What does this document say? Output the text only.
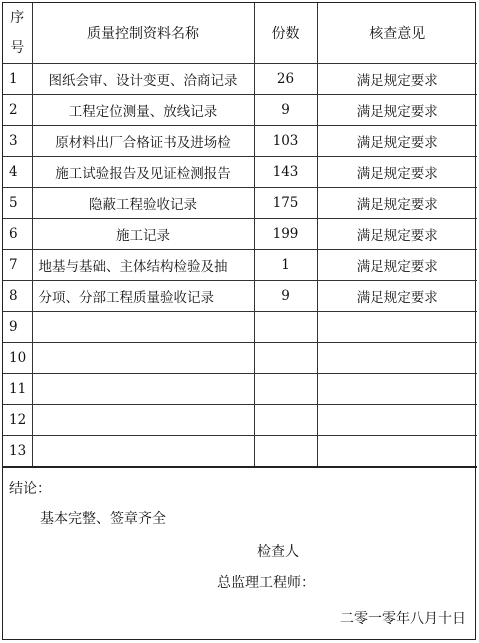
序
号	质量控制资料名称	份数	核查意见
1	图纸会审、设计变更、洽商记录	26	满足规定要求
2	工程定位测量、放线记录	9	满足规定要求
3	原材料出厂合格证书及进场检	103	满足规定要求
4	施工试验报告及见证检测报告	143	满足规定要求
5	隐蔽工程验收记录	175	满足规定要求
6	施工记录	199	满足规定要求
7	地基与基础、主体结构检验及抽	1	满足规定要求
8	分项、分部工程质量验收记录	9	满足规定要求
9			
10			
11			
12			
13			
结论：
基本完整、签章齐全
检查人
总监理工程师：
二零一零年八月十日
